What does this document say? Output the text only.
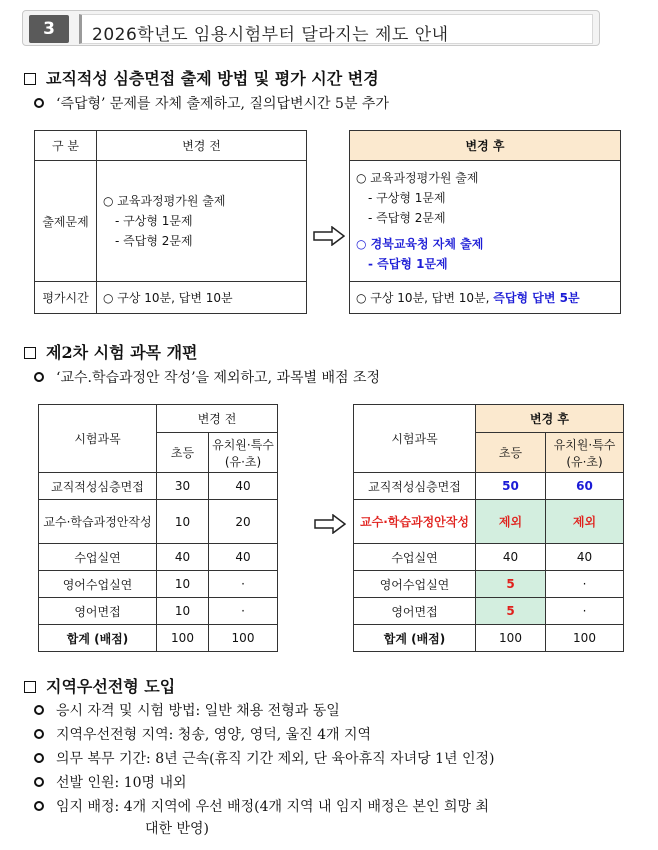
3	2026학년도 임용시험부터 달라지는 제도 안내
교직적성 심층면접 출제 방법 및 평가 시간 변경
‘즉답형’ 문제를 자체 출제하고, 질의답변시간 5분 추가
구 분	변경 전
출제문제	○ 교육과정평가원 출제
- 구상형 1문제
- 즉답형 2문제

평가시간	○ 구상 10분, 답변 10분
변경 후

○ 교육과정평가원 출제
- 구상형 1문제
- 즉답형 2문제
○ 경북교육청 자체 출제
- 즉답형 1문제

○ 구상 10분, 답변 10분, 즉답형 답변 5분
제2차 시험 과목 개편
‘교수.학습과정안 작성’을 제외하고, 과목별 배점 조정
시험과목	변경 전	
	초등	유치원·특수(유·초)
교직적성심층면접	30	40
교수·학습과정안작성	10	20
수업실연	40	40
영어수업실연	10	·
영어면접	10	·
합계 (배점)	100	100
시험과목	변경 후	
	초등	유치원·특수(유·초)
교직적성심층면접	50	60
교수·학습과정안작성	제외	제외
수업실연	40	40
영어수업실연	5	·
영어면접	5	·
합계 (배점)	100	100
지역우선전형 도입
응시 자격 및 시험 방법: 일반 채용 전형과 동일
지역우선전형 지역: 청송, 영양, 영덕, 울진 4개 지역
의무 복무 기간: 8년 근속(휴직 기간 제외, 단 육아휴직 자녀당 1년 인정)
선발 인원: 10명 내외
임지 배정: 4개 지역에 우선 배정(4개 지역 내 임지 배정은 본인 희망 최
대한 반영)
